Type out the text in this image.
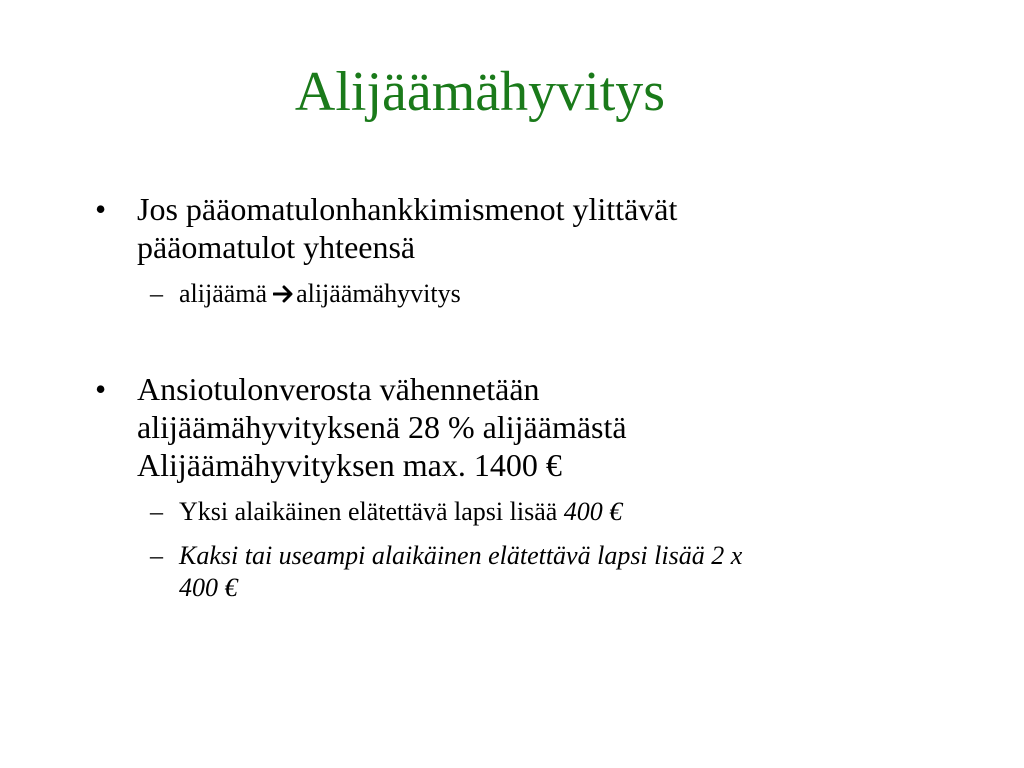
Alijäämähyvitys
• Jos pääomatulonhankkimismenot ylittävät
pääomatulot yhteensä
– alijäämä alijäämähyvitys
• Ansiotulonverosta vähennetään
alijäämähyvityksenä 28 % alijäämästä
Alijäämähyvityksen max. 1400 €
– Yksi alaikäinen elätettävä lapsi lisää 400 €
– Kaksi tai useampi alaikäinen elätettävä lapsi lisää 2 x
400 €
